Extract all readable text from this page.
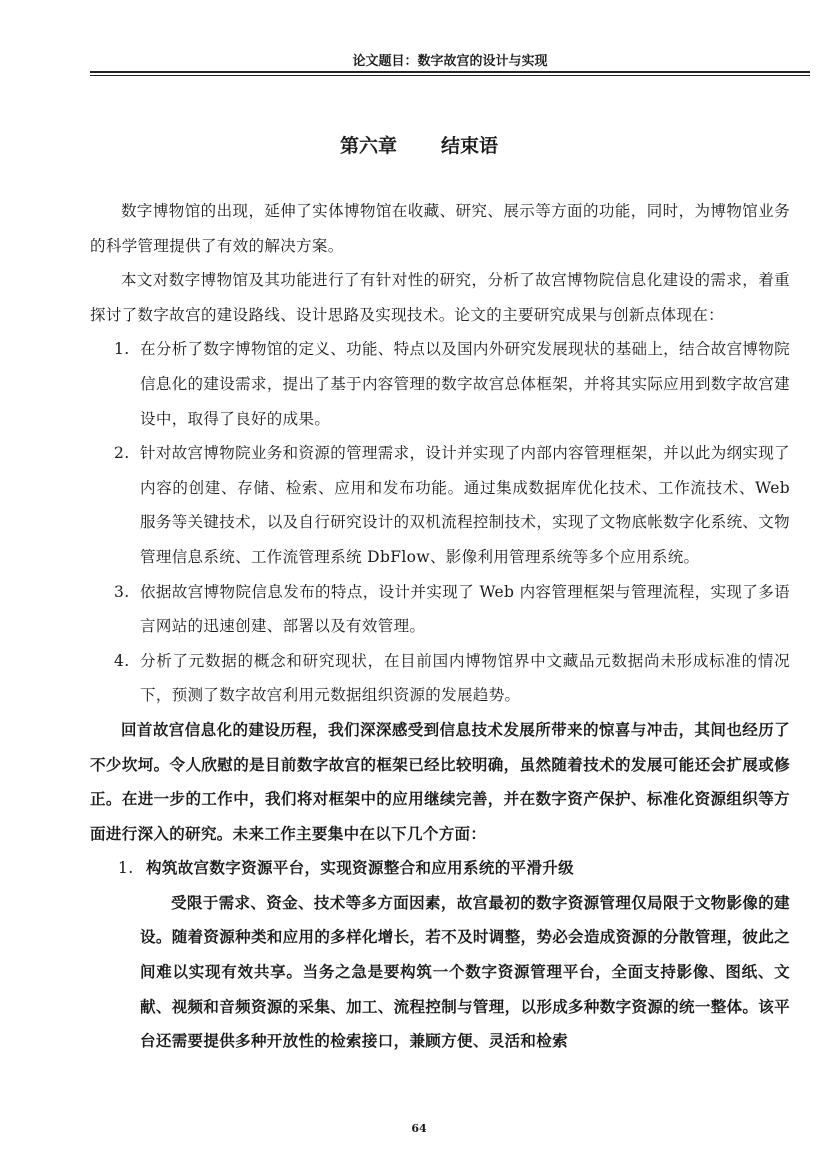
论文题目：数字故宫的设计与实现
第六章 结束语

数字博物馆的出现，延伸了实体博物馆在收藏、研究、展示等方面的功能，同时，为博物馆业务的科学管理提供了有效的解决方案。

本文对数字博物馆及其功能进行了有针对性的研究，分析了故宫博物院信息化建设的需求，着重探讨了数字故宫的建设路线、设计思路及实现技术。论文的主要研究成果与创新点体现在：

1. 在分析了数字博物馆的定义、功能、特点以及国内外研究发展现状的基础上，结合故宫博物院信息化的建设需求，提出了基于内容管理的数字故宫总体框架，并将其实际应用到数字故宫建设中，取得了良好的成果。
2. 针对故宫博物院业务和资源的管理需求，设计并实现了内部内容管理框架，并以此为纲实现了内容的创建、存储、检索、应用和发布功能。通过集成数据库优化技术、工作流技术、Web 服务等关键技术，以及自行研究设计的双机流程控制技术，实现了文物底帐数字化系统、文物管理信息系统、工作流管理系统 DbFlow、影像利用管理系统等多个应用系统。
3. 依据故宫博物院信息发布的特点，设计并实现了 Web 内容管理框架与管理流程，实现了多语言网站的迅速创建、部署以及有效管理。
4. 分析了元数据的概念和研究现状，在目前国内博物馆界中文藏品元数据尚未形成标准的情况下，预测了数字故宫利用元数据组织资源的发展趋势。

回首故宫信息化的建设历程，我们深深感受到信息技术发展所带来的惊喜与冲击，其间也经历了不少坎坷。令人欣慰的是目前数字故宫的框架已经比较明确，虽然随着技术的发展可能还会扩展或修正。在进一步的工作中，我们将对框架中的应用继续完善，并在数字资产保护、标准化资源组织等方面进行深入的研究。未来工作主要集中在以下几个方面：

1. 构筑故宫数字资源平台，实现资源整合和应用系统的平滑升级

受限于需求、资金、技术等多方面因素，故宫最初的数字资源管理仅局限于文物影像的建设。随着资源种类和应用的多样化增长，若不及时调整，势必会造成资源的分散管理，彼此之间难以实现有效共享。当务之急是要构筑一个数字资源管理平台，全面支持影像、图纸、文献、视频和音频资源的采集、加工、流程控制与管理，以形成多种数字资源的统一整体。该平台还需要提供多种开放性的检索接口，兼顾方便、灵活和检索

64
